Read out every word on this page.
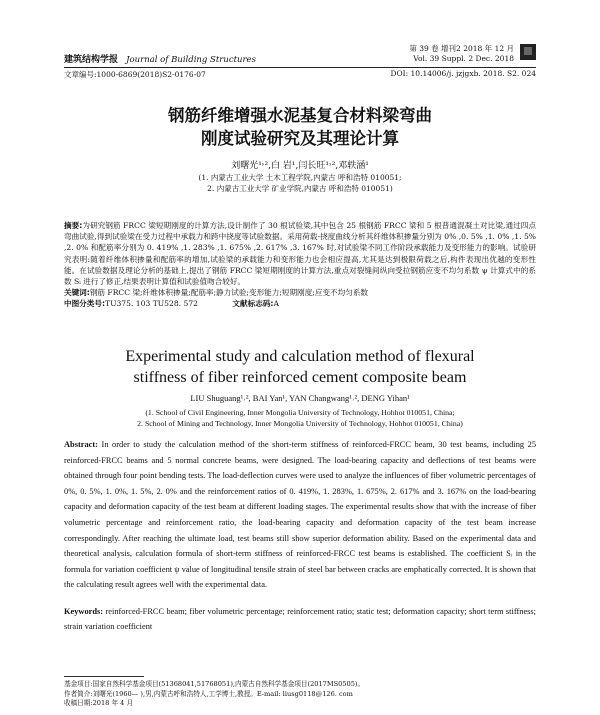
建筑结构学报 Journal of Building Structures
第 39 卷 增刊2 2018 年 12 月
Vol. 39 Suppl. 2 Dec. 2018
文章编号:1000-6869(2018)S2-0176-07	DOI: 10.14006/j. jzjgxb. 2018. S2. 024
钢筋纤维增强水泥基复合材料梁弯曲
刚度试验研究及其理论计算
刘曙光¹˒²,白 岩¹,闫长旺¹˒²,邓轶涵¹
(1. 内蒙古工业大学 土木工程学院,内蒙古 呼和浩特 010051;
2. 内蒙古工业大学 矿业学院,内蒙古 呼和浩特 010051)
摘要:为研究钢筋 FRCC 梁短期刚度的计算方法,设计制作了 30 根试验梁,其中包含 25 根钢筋 FRCC 梁和 5 根普通混凝土对比梁,通过四点弯曲试验,得到试验梁在受力过程中承载力和跨中挠度等试验数据。采用荷载-挠度曲线分析其纤维体积掺量分别为 0% ,0. 5% ,1. 0% ,1. 5% ,2. 0% 和配筋率分别为 0. 419% ,1. 283% ,1. 675% ,2. 617% ,3. 167% 时,对试验梁不同工作阶段承载能力及变形能力的影响。试验研究表明:随着纤维体积掺量和配筋率的增加,试验梁的承载能力和变形能力也会相应提高,尤其是达到极限荷载之后,构件表现出优越的变形性能。在试验数据及理论分析的基础上,提出了钢筋 FRCC 梁短期刚度的计算方法,重点对裂缝间纵向受拉钢筋应变不均匀系数 ψ 计算式中的系数 Sᵢ 进行了修正,结果表明计算值和试验值吻合较好。
关键词:钢筋 FRCC 梁;纤维体积掺量;配筋率;静力试验;变形能力;短期刚度;应变不均匀系数
中图分类号:TU375. 103 TU528. 572	文献标志码:A
Experimental study and calculation method of flexural
stiffness of fiber reinforced cement composite beam
LIU Shuguang¹˒², BAI Yan¹, YAN Changwang¹˒², DENG Yihan¹
(1. School of Civil Engineering, Inner Mongolia University of Technology, Hohhot 010051, China;
2. School of Mining and Technology, Inner Mongolia University of Technology, Hohhot 010051, China)
Abstract: In order to study the calculation method of the short-term stiffness of reinforced-FRCC beam, 30 test beams, including 25 reinforced-FRCC beams and 5 normal concrete beams, were designed. The load-bearing capacity and deflections of test beams were obtained through four point bending tests. The load-deflection curves were used to analyze the influences of fiber volumetric percentages of 0%, 0. 5%, 1. 0%, 1. 5%, 2. 0% and the reinforcement ratios of 0. 419%, 1. 283%, 1. 675%, 2. 617% and 3. 167% on the load-bearing capacity and deformation capacity of the test beam at different loading stages. The experimental results show that with the increase of fiber volumetric percentage and reinforcement ratio, the load-bearing capacity and deformation capacity of the test beam increase correspondingly. After reaching the ultimate load, test beams still show superior deformation ability. Based on the experimental data and theoretical analysis, calculation formula of short-term stiffness of reinforced-FRCC test beams is established. The coefficient Sᵢ in the formula for variation coefficient ψ value of longitudinal tensile strain of steel bar between cracks are emphatically corrected. It is shown that the calculating result agrees well with the experimental data.
Keywords: reinforced-FRCC beam; fiber volumetric percentage; reinforcement ratio; static test; deformation capacity; short term stiffness; strain variation coefficient
基金项目:国家自然科学基金项目(51368041,51768051),内蒙古自然科学基金项目(2017MS0505)。
作者简介:刘曙光(1960— ),男,内蒙古呼和浩特人,工学博士,教授。E-mail: liusg0118@126. com
收稿日期:2018 年 4 月
